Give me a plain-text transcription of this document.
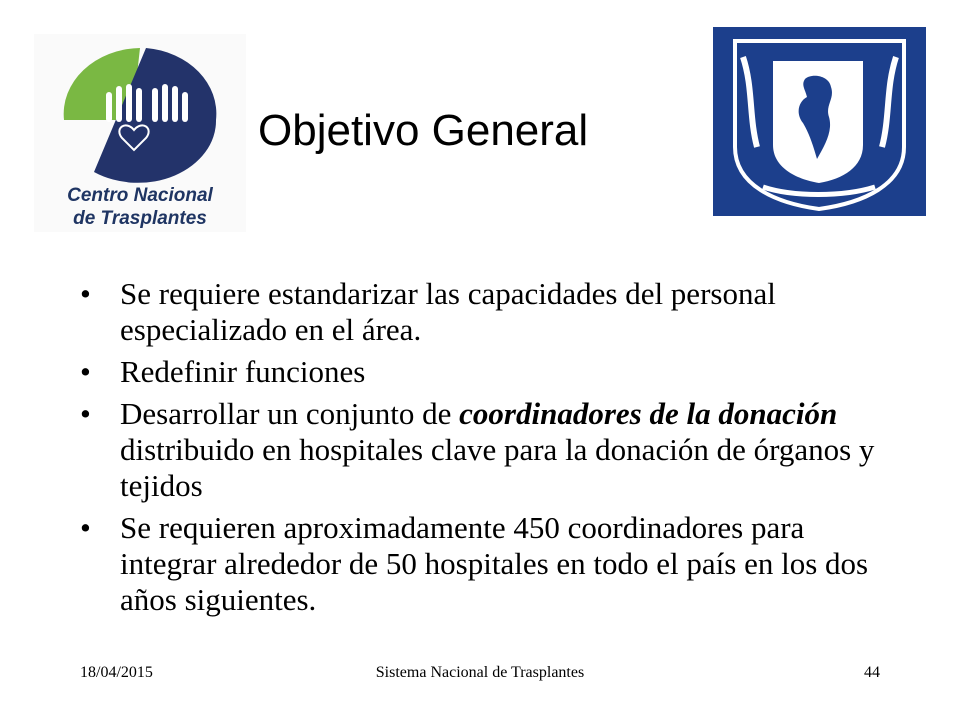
Centro Nacional
de Trasplantes
Objetivo General
• Se requiere estandarizar las capacidades del personal especializado en el área.
• Redefinir funciones
• Desarrollar un conjunto de coordinadores de la donación distribuido en hospitales clave para la donación de órganos y tejidos
• Se requieren aproximadamente 450 coordinadores para integrar alrededor de 50 hospitales en todo el país en los dos años siguientes.
18/04/2015	Sistema Nacional de Trasplantes	44
